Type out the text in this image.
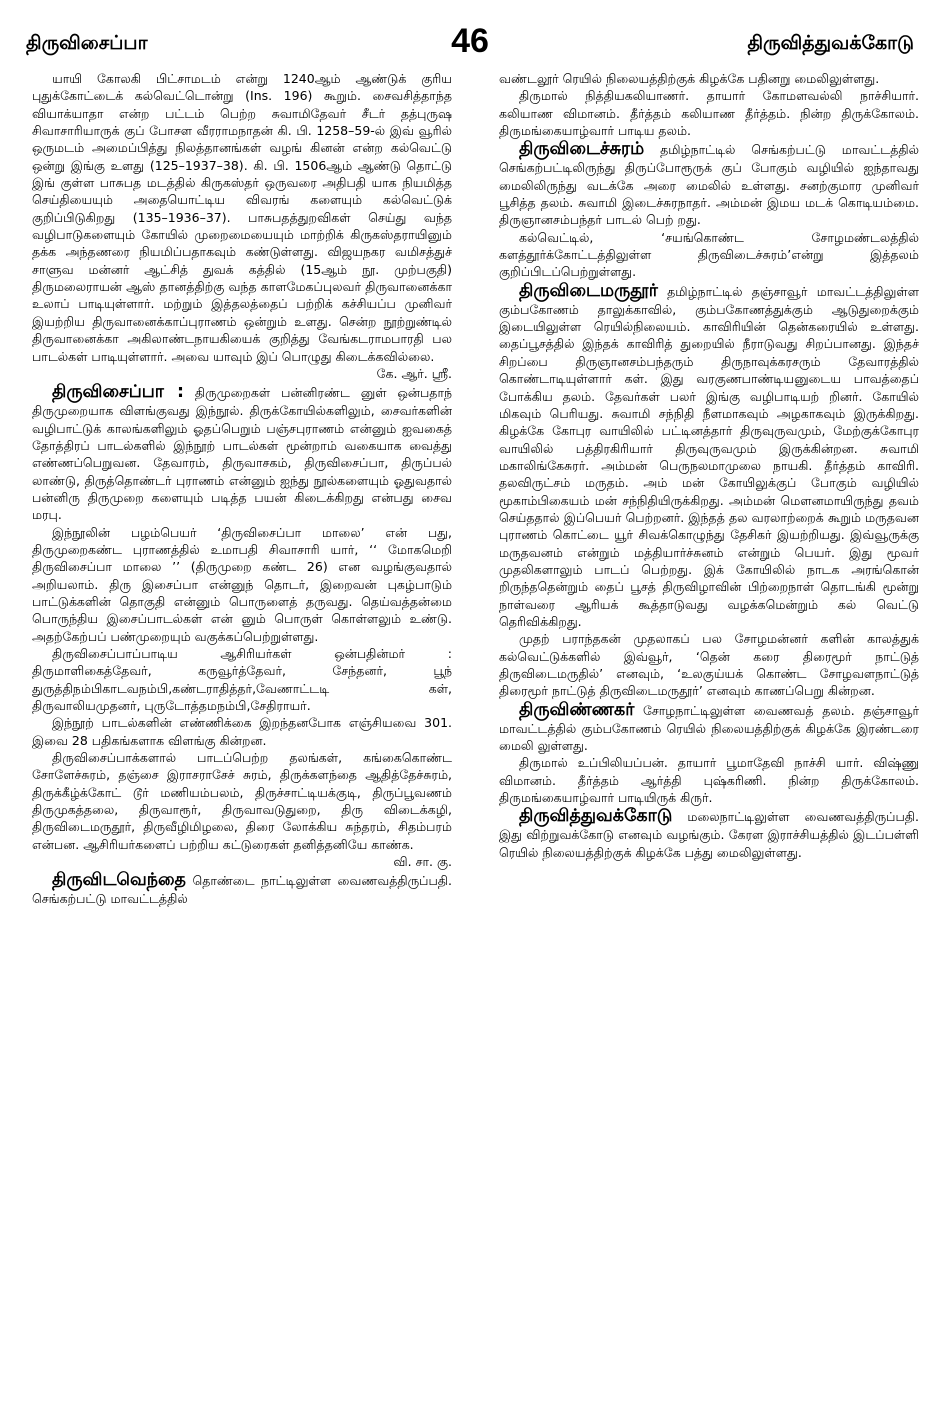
திருவிசைப்பா	46	திருவித்துவக்கோடு

யாயி கோலகி பிட்சாமடம் என்று 1240ஆம் ஆண்டுக் குரிய புதுக்கோட்டைக் கல்வெட்டொன்று (Ins. 196) கூறும். சைவசித்தாந்த வியாக்யாதா என்ற பட்டம் பெற்ற சுவாமிதேவர் சீடர் தத்புருஷ சிவாசாரியாருக் குப் போசள வீரராமநாதன் கி. பி. 1258–59-ல் இவ் வூரில் ஒருமடம் அமைப்பித்து நிலத்தானங்கள் வழங் கினன் என்ற கல்வெட்டு ஒன்று இங்கு உளது (125–1937–38). கி. பி. 1506ஆம் ஆண்டு தொட்டு இங் குள்ள பாசுபத மடத்தில் கிருகஸ்தர் ஒருவரை அதிபதி யாக நியமித்த செய்தியையும் அதையொட்டிய விவரங் களையும் கல்வெட்டுக் குறிப்பிடுகிறது (135–1936–37). பாசுபதத்துறவிகள் செய்து வந்த வழிபாடுகளையும் கோயில் முறைமையையும் மாற்றிக் கிருகஸ்தராயினும் தக்க அந்தணரை நியமிப்பதாகவும் கண்டுள்ளது. விஜயநகர வமிசத்துச் சாளுவ மன்னர் ஆட்சித் துவக் கத்தில் (15ஆம் நூ. முற்பகுதி) திருமலைராயன் ஆஸ் தானத்திற்கு வந்த காளமேகப்புலவர் திருவானைக்கா உலாப் பாடியுள்ளார். மற்றும் இத்தலத்தைப் பற்றிக் கச்சியப்ப முனிவர் இயற்றிய திருவானைக்காப்புராணம் ஒன்றும் உளது. சென்ற நூற்றுண்டில் திருவானைக்கா அகிலாண்டநாயகியைக் குறித்து வேங்கடராமபாரதி பல பாடல்கள் பாடியுள்ளார். அவை யாவும் இப் பொழுது கிடைக்கவில்லை.

கே. ஆர். ஸ்ரீ.

திருவிசைப்பா : திருமுறைகள் பன்னிரண்ட னுள் ஒன்பதாந் திருமுறையாக விளங்குவது இந்நூல். திருக்கோயில்களிலும், சைவர்களின் வழிபாட்டுக் காலங்களிலும் ஓதப்பெறும் பஞ்சபுராணம் என்னும் ஐவகைத் தோத்திரப் பாடல்களில் இந்நூற் பாடல்கள் மூன்றாம் வகையாக வைத்து எண்ணப்பெறுவன. தேவாரம், திருவாசகம், திருவிசைப்பா, திருப்பல் லாண்டு, திருத்தொண்டர் புராணம் என்னும் ஐந்து நூல்களையும் ஓதுவதால் பன்னிரு திருமுறை களையும் படித்த பயன் கிடைக்கிறது என்பது சைவ மரபு.

இந்நூலின் பழம்பெயர் ‘திருவிசைப்பா மாலை’ என் பது, திருமுறைகண்ட புராணத்தில் உமாபதி சிவாசாரி யார், ‘‘ மோகமெறி திருவிசைப்பா மாலை ’’ (திருமுறை கண்ட 26) என வழங்குவதால் அறியலாம். திரு இசைப்பா என்னுந் தொடர், இறைவன் புகழ்பாடும் பாட்டுக்களின் தொகுதி என்னும் பொருளைத் தருவது. தெய்வத்தன்மை பொருந்திய இசைப்பாடல்கள் என் னும் பொருள் கொள்ளலும் உண்டு. அதற்கேற்பப் பண்முறையும் வகுக்கப்பெற்றுள்ளது.

திருவிசைப்பாப்பாடிய ஆசிரியர்கள் ஒன்பதின்மர் : திருமாளிகைத்தேவர், கருவூர்த்தேவர், சேந்தனர், பூந் துருத்திநம்பிகாடவநம்பி,கண்டராதித்தர்,வேணாட்டடி கள், திருவாலியமுதனர், புருடோத்தமநம்பி,சேதிராயர்.

இந்நூற் பாடல்களின் எண்ணிக்கை இறந்தனபோக எஞ்சியவை 301. இவை 28 பதிகங்களாக விளங்கு கின்றன.

திருவிசைப்பாக்களால் பாடப்பெற்ற தலங்கள், கங்கைகொண்ட சோளேச்சுரம், தஞ்சை இராசராசேச் சுரம், திருக்களந்தை ஆதித்தேச்சுரம், திருக்கீழ்க்கோட் டூர் மணியம்பலம், திருச்சாட்டியக்குடி, திருப்பூவணம் திருமுகத்தலை, திருவாரூர், திருவாவடுதுறை, திரு விடைக்கழி, திருவிடைமருதூர், திருவீழிமிழலை, திரை லோக்கிய சுந்தரம், சிதம்பரம் என்பன. ஆசிரியர்களைப் பற்றிய கட்டுரைகள் தனித்தனியே காண்க.

வி. சா. கு.

திருவிடவெந்தை தொண்டை நாட்டிலுள்ள வைணவத்திருப்பதி. செங்கற்பட்டு மாவட்டத்தில்

வண்டலூர் ரெயில் நிலையத்திற்குக் கிழக்கே பதினறு மைலிலுள்ளது.

திருமால் நித்தியகலியாணர். தாயார் கோமளவல்லி நாச்சியார். கலியாண விமானம். தீர்த்தம் கலியாண தீர்த்தம். நின்ற திருக்கோலம். திருமங்கையாழ்வார் பாடிய தலம்.

திருவிடைச்சுரம் தமிழ்நாட்டில் செங்கற்பட்டு மாவட்டத்தில் செங்கற்பட்டிலிருந்து திருப்போரூருக் குப் போகும் வழியில் ஐந்தாவது மைலிலிருந்து வடக்கே அரை மைலில் உள்ளது. சனற்குமார முனிவர் பூசித்த தலம். சுவாமி இடைச்சுரநாதர். அம்மன் இமய மடக் கொடியம்மை. திருஞானசம்பந்தர் பாடல் பெற் றது.

கல்வெட்டில், ‘சயங்கொண்ட சோழமண்டலத்தில் களத்தூர்க்கோட்டத்திலுள்ள திருவிடைச்சுரம்’என்று இத்தலம் குறிப்பிடப்பெற்றுள்ளது.

திருவிடைமருதூர் தமிழ்நாட்டில் தஞ்சாவூர் மாவட்டத்திலுள்ள கும்பகோணம் தாலுக்காவில், கும்பகோணத்துக்கும் ஆடுதுறைக்கும் இடையிலுள்ள ரெயில்நிலையம். காவிரியின் தென்கரையில் உள்ளது. தைப்பூசத்தில் இந்தக் காவிரித் துறையில் நீராடுவது சிறப்பானது. இந்தச் சிறப்பை திருஞானசம்பந்தரும் திருநாவுக்கரசரும் தேவாரத்தில் கொண்டாடியுள்ளார் கள். இது வரகுணபாண்டியனுடைய பாவத்தைப் போக்கிய தலம். தேவர்கள் பலர் இங்கு வழிபாடியற் றினர். கோயில் மிகவும் பெரியது. சுவாமி சந்நிதி நீளமாகவும் அழகாகவும் இருக்கிறது. கிழக்கே கோபுர வாயிலில் பட்டினத்தார் திருவுருவமும், மேற்குக்கோபுர வாயிலில் பத்திரகிரியார் திருவுருவமும் இருக்கின்றன. சுவாமி மகாலிங்கேசுரர். அம்மன் பெருநலமாமுலை நாயகி. தீர்த்தம் காவிரி. தலவிருட்சம் மருதம். அம் மன் கோயிலுக்குப் போகும் வழியில் மூகாம்பிகையம் மன் சந்நிதியிருக்கிறது. அம்மன் மௌனமாயிருந்து தவம் செய்ததால் இப்பெயர் பெற்றனர். இந்தத் தல வரலாற்றைக் கூறும் மருதவன புராணம் கொட்டை யூர் சிவக்கொழுந்து தேசிகர் இயற்றியது. இவ்வூருக்கு மருதவனம் என்றும் மத்தியார்ச்சுனம் என்றும் பெயர். இது மூவர் முதலிகளாலும் பாடப் பெற்றது. இக் கோயிலில் நாடக அரங்கொன் றிருந்ததென்றும் தைப் பூசத் திருவிழாவின் பிற்றைநாள் தொடங்கி மூன்று நாள்வரை ஆரியக் கூத்தாடுவது வழக்கமென்றும் கல் வெட்டு தெரிவிக்கிறது.

முதற் பராந்தகன் முதலாகப் பல சோழமன்னர் களின் காலத்துக் கல்வெட்டுக்களில் இவ்வூர், ‘தென் கரை திரைமூர் நாட்டுத் திருவிடைமருதில்’ எனவும், ‘உலகுய்யக் கொண்ட சோழவளநாட்டுத் திரைமூர் நாட்டுத் திருவிடைமருதூர்’ எனவும் காணப்பெறு கின்றன.

திருவிண்ணகர் சோழநாட்டிலுள்ள வைணவத் தலம். தஞ்சாவூர் மாவட்டத்தில் கும்பகோணம் ரெயில் நிலையத்திற்குக் கிழக்கே இரண்டரை மைலி லுள்ளது.

திருமால் உப்பிலியப்பன். தாயார் பூமாதேவி நாச்சி யார். விஷ்ணு விமானம். தீர்த்தம் ஆர்த்தி புஷ்கரிணி. நின்ற திருக்கோலம். திருமங்கையாழ்வார் பாடியிருக் கிருர்.

திருவித்துவக்கோடு மலைநாட்டிலுள்ள வைணவத்திருப்பதி. இது விற்றுவக்கோடு எனவும் வழங்கும். கேரள இராச்சியத்தில் இடப்பள்ளி ரெயில் நிலையத்திற்குக் கிழக்கே பத்து மைலிலுள்ளது.
